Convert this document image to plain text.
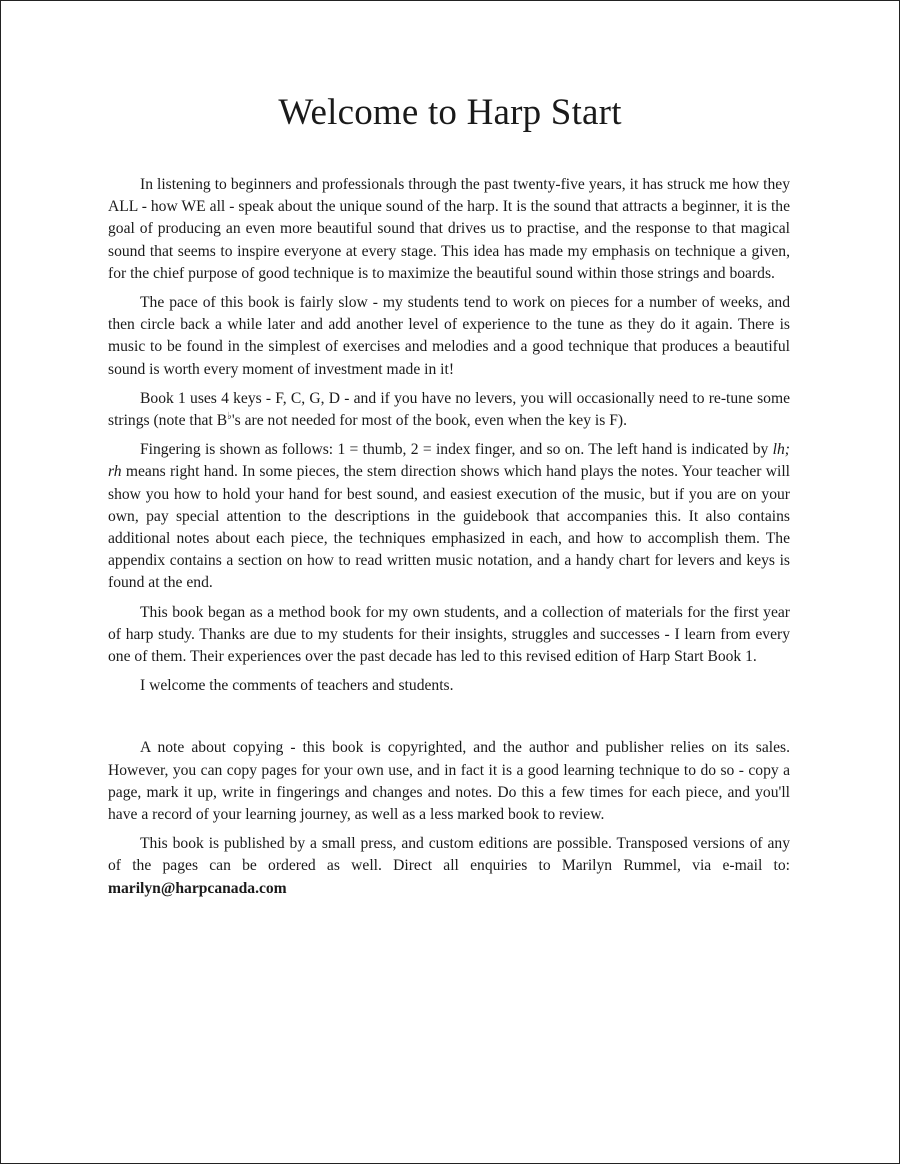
Welcome to Harp Start

In listening to beginners and professionals through the past twenty-five years, it has struck me how they ALL - how WE all - speak about the unique sound of the harp. It is the sound that attracts a beginner, it is the goal of producing an even more beautiful sound that drives us to practise, and the response to that magical sound that seems to inspire everyone at every stage. This idea has made my emphasis on technique a given, for the chief purpose of good technique is to maximize the beautiful sound within those strings and boards.

The pace of this book is fairly slow - my students tend to work on pieces for a number of weeks, and then circle back a while later and add another level of experience to the tune as they do it again. There is music to be found in the simplest of exercises and melodies and a good technique that produces a beautiful sound is worth every moment of investment made in it!

Book 1 uses 4 keys - F, C, G, D - and if you have no levers, you will occasionally need to re-tune some strings (note that B♭'s are not needed for most of the book, even when the key is F).

Fingering is shown as follows: 1 = thumb, 2 = index finger, and so on. The left hand is indicated by lh; rh means right hand. In some pieces, the stem direction shows which hand plays the notes. Your teacher will show you how to hold your hand for best sound, and easiest execution of the music, but if you are on your own, pay special attention to the descriptions in the guidebook that accompanies this. It also contains additional notes about each piece, the techniques emphasized in each, and how to accomplish them. The appendix contains a section on how to read written music notation, and a handy chart for levers and keys is found at the end.

This book began as a method book for my own students, and a collection of materials for the first year of harp study. Thanks are due to my students for their insights, struggles and successes - I learn from every one of them. Their experiences over the past decade has led to this revised edition of Harp Start Book 1.

I welcome the comments of teachers and students.

A note about copying - this book is copyrighted, and the author and publisher relies on its sales. However, you can copy pages for your own use, and in fact it is a good learning technique to do so - copy a page, mark it up, write in fingerings and changes and notes. Do this a few times for each piece, and you'll have a record of your learning journey, as well as a less marked book to review.

This book is published by a small press, and custom editions are possible. Transposed versions of any of the pages can be ordered as well. Direct all enquiries to Marilyn Rummel, via e-mail to: marilyn@harpcanada.com
